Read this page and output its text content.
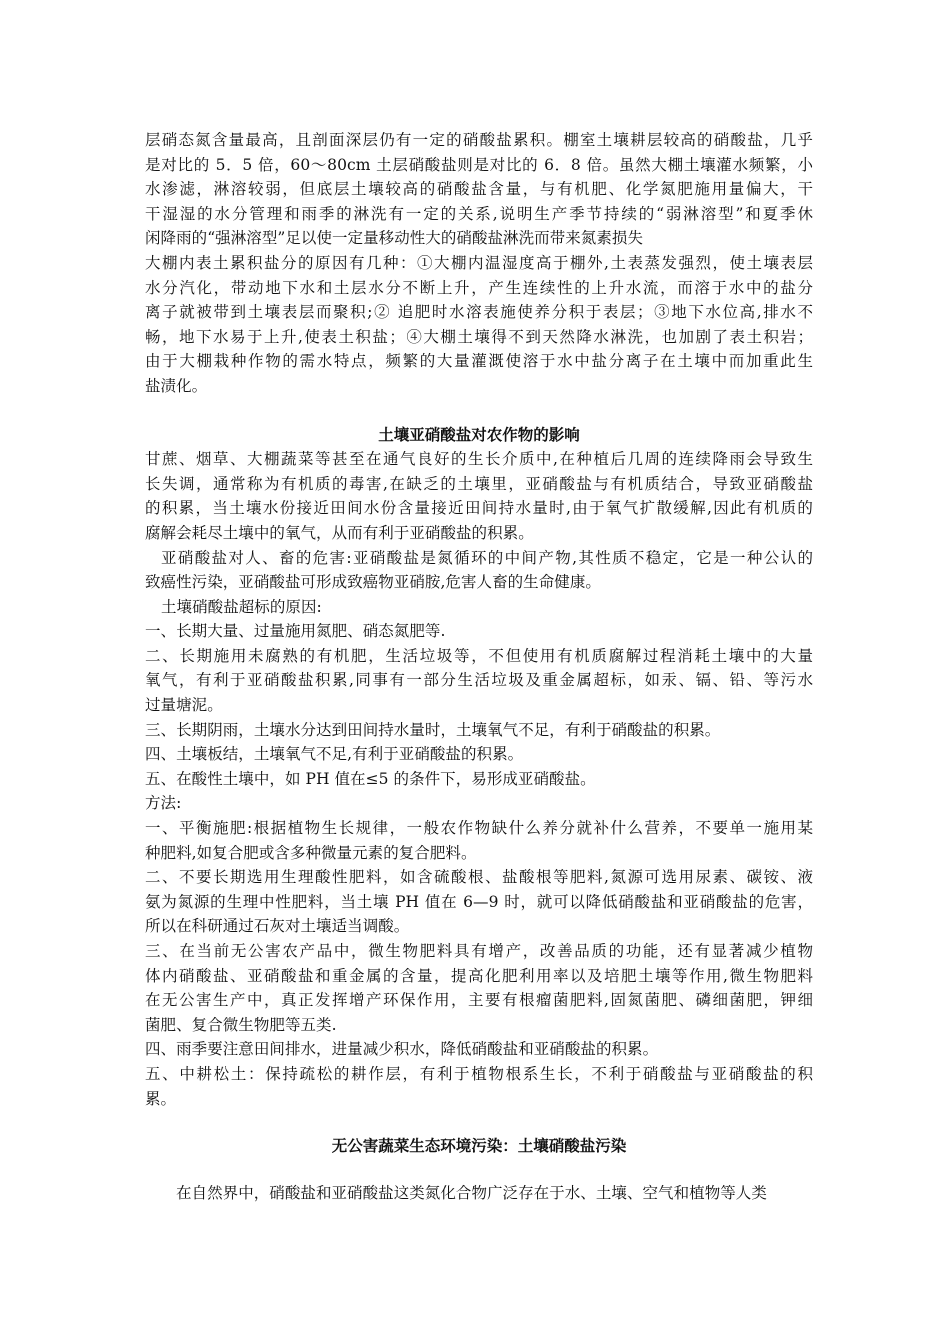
层硝态氮含量最高，且剖面深层仍有一定的硝酸盐累积。棚室土壤耕层较高的硝酸盐，几乎
是对比的 5．5 倍，60～80cm 土层硝酸盐则是对比的 6．8 倍。虽然大棚土壤灌水频繁，小
水渗滤，淋溶较弱，但底层土壤较高的硝酸盐含量，与有机肥、化学氮肥施用量偏大，干
干湿湿的水分管理和雨季的淋洗有一定的关系,说明生产季节持续的“弱淋溶型”和夏季休
闲降雨的“强淋溶型”足以使一定量移动性大的硝酸盐淋洗而带来氮素损失
大棚内表土累积盐分的原因有几种：①大棚内温湿度高于棚外,土表蒸发强烈，使土壤表层
水分汽化，带动地下水和土层水分不断上升，产生连续性的上升水流，而溶于水中的盐分
离子就被带到土壤表层而聚积;② 追肥时水溶表施使养分积于表层；③地下水位高,排水不
畅，地下水易于上升,使表土积盐；④大棚土壤得不到天然降水淋洗，也加剧了表土积岩；
由于大棚栽种作物的需水特点，频繁的大量灌溉使溶于水中盐分离子在土壤中而加重此生
盐渍化。
土壤亚硝酸盐对农作物的影响
甘蔗、烟草、大棚蔬菜等甚至在通气良好的生长介质中,在种植后几周的连续降雨会导致生
长失调，通常称为有机质的毒害,在缺乏的土壤里，亚硝酸盐与有机质结合，导致亚硝酸盐
的积累，当土壤水份接近田间水份含量接近田间持水量时,由于氧气扩散缓解,因此有机质的
腐解会耗尽土壤中的氧气，从而有利于亚硝酸盐的积累。
亚硝酸盐对人、畜的危害:亚硝酸盐是氮循环的中间产物,其性质不稳定，它是一种公认的
致癌性污染，亚硝酸盐可形成致癌物亚硝胺,危害人畜的生命健康。
土壤硝酸盐超标的原因:
一、长期大量、过量施用氮肥、硝态氮肥等.
二、长期施用未腐熟的有机肥，生活垃圾等，不但使用有机质腐解过程消耗土壤中的大量
氧气，有利于亚硝酸盐积累,同事有一部分生活垃圾及重金属超标，如汞、镉、铅、等污水
过量塘泥。
三、长期阴雨，土壤水分达到田间持水量时，土壤氧气不足，有利于硝酸盐的积累。
四、土壤板结，土壤氧气不足,有利于亚硝酸盐的积累。
五、在酸性土壤中，如 PH 值在≤5 的条件下，易形成亚硝酸盐。
方法:
一、平衡施肥:根据植物生长规律，一般农作物缺什么养分就补什么营养，不要单一施用某
种肥料,如复合肥或含多种微量元素的复合肥料。
二、不要长期选用生理酸性肥料，如含硫酸根、盐酸根等肥料,氮源可选用尿素、碳铵、液
氨为氮源的生理中性肥料，当土壤 PH 值在 6—9 时，就可以降低硝酸盐和亚硝酸盐的危害，
所以在科研通过石灰对土壤适当调酸。
三、在当前无公害农产品中，微生物肥料具有增产，改善品质的功能，还有显著减少植物
体内硝酸盐、亚硝酸盐和重金属的含量，提高化肥利用率以及培肥土壤等作用,微生物肥料
在无公害生产中，真正发挥增产环保作用，主要有根瘤菌肥料,固氮菌肥、磷细菌肥，钾细
菌肥、复合微生物肥等五类.
四、雨季要注意田间排水，进量减少积水，降低硝酸盐和亚硝酸盐的积累。
五、中耕松土：保持疏松的耕作层，有利于植物根系生长，不利于硝酸盐与亚硝酸盐的积
累。
无公害蔬菜生态环境污染：土壤硝酸盐污染
在自然界中，硝酸盐和亚硝酸盐这类氮化合物广泛存在于水、土壤、空气和植物等人类
